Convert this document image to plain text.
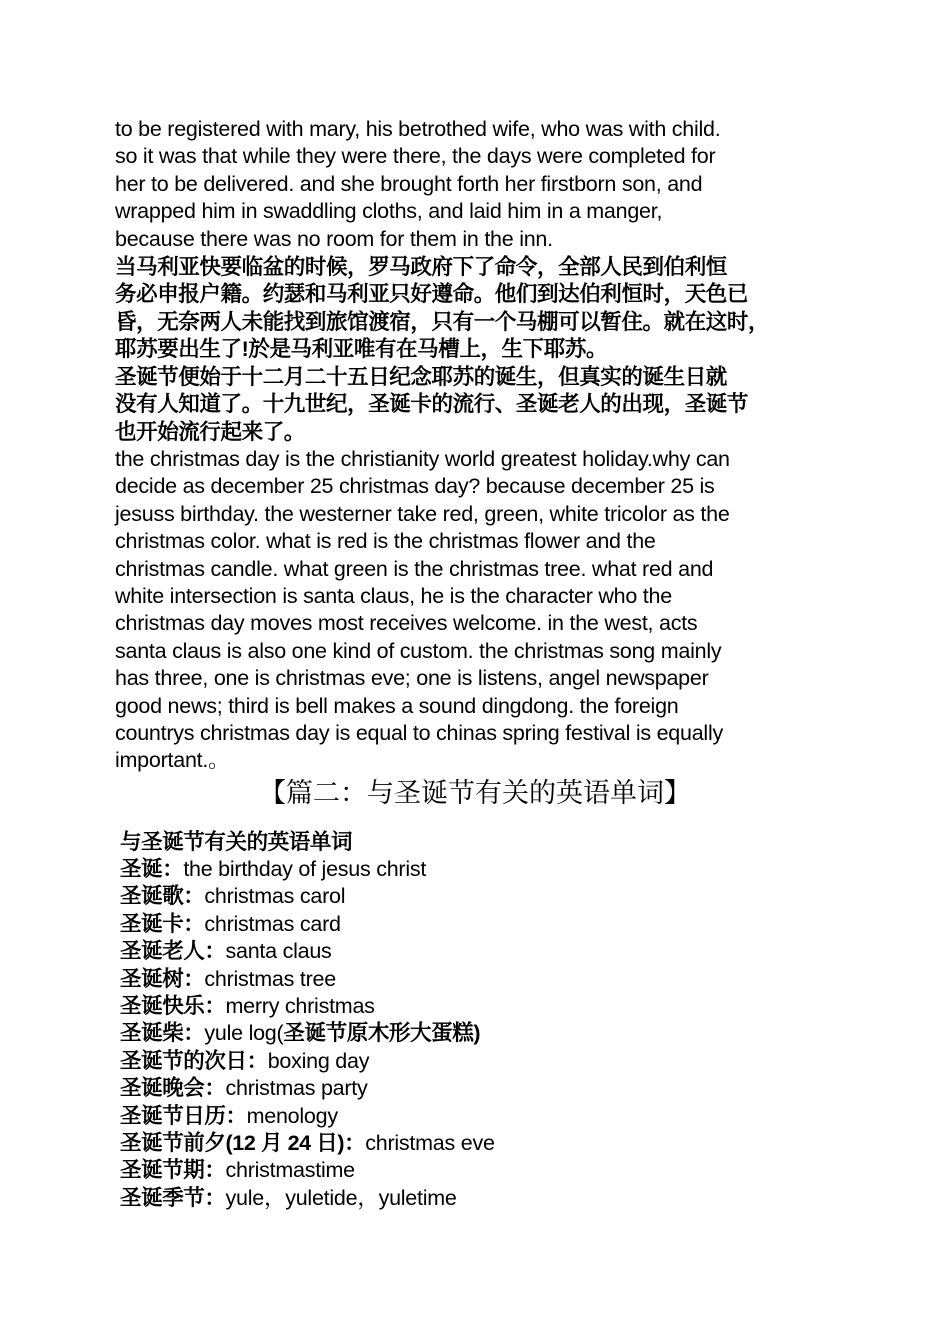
to be registered with mary, his betrothed wife, who was with child.
so it was that while they were there, the days were completed for
her to be delivered. and she brought forth her firstborn son, and
wrapped him in swaddling cloths, and laid him in a manger,
because there was no room for them in the inn.

当马利亚快要临盆的时候，罗马政府下了命令，全部人民到伯利恒
务必申报户籍。约瑟和马利亚只好遵命。他们到达伯利恒时，天色已
昏，无奈两人未能找到旅馆渡宿，只有一个马棚可以暂住。就在这时，
耶苏要出生了!於是马利亚唯有在马槽上，生下耶苏。

圣诞节便始于十二月二十五日纪念耶苏的诞生，但真实的诞生日就
没有人知道了。十九世纪，圣诞卡的流行、圣诞老人的出现，圣诞节
也开始流行起来了。

the christmas day is the christianity world greatest holiday.why can
decide as december 25 christmas day? because december 25 is
jesuss birthday. the westerner take red, green, white tricolor as the
christmas color. what is red is the christmas flower and the
christmas candle. what green is the christmas tree. what red and
white intersection is santa claus, he is the character who the
christmas day moves most receives welcome. in the west, acts
santa claus is also one kind of custom. the christmas song mainly
has three, one is christmas eve; one is listens, angel newspaper
good news; third is bell makes a sound dingdong. the foreign
countrys christmas day is equal to chinas spring festival is equally
important.。

【篇二：与圣诞节有关的英语单词】

与圣诞节有关的英语单词

圣诞：the birthday of jesus christ
圣诞歌：christmas carol
圣诞卡：christmas card
圣诞老人：santa claus
圣诞树：christmas tree
圣诞快乐：merry christmas
圣诞柴：yule log(圣诞节原木形大蛋糕)
圣诞节的次日：boxing day
圣诞晚会：christmas party
圣诞节日历：menology
圣诞节前夕(12 月 24 日)：christmas eve
圣诞节期：christmastime
圣诞季节：yule，yuletide，yuletime
